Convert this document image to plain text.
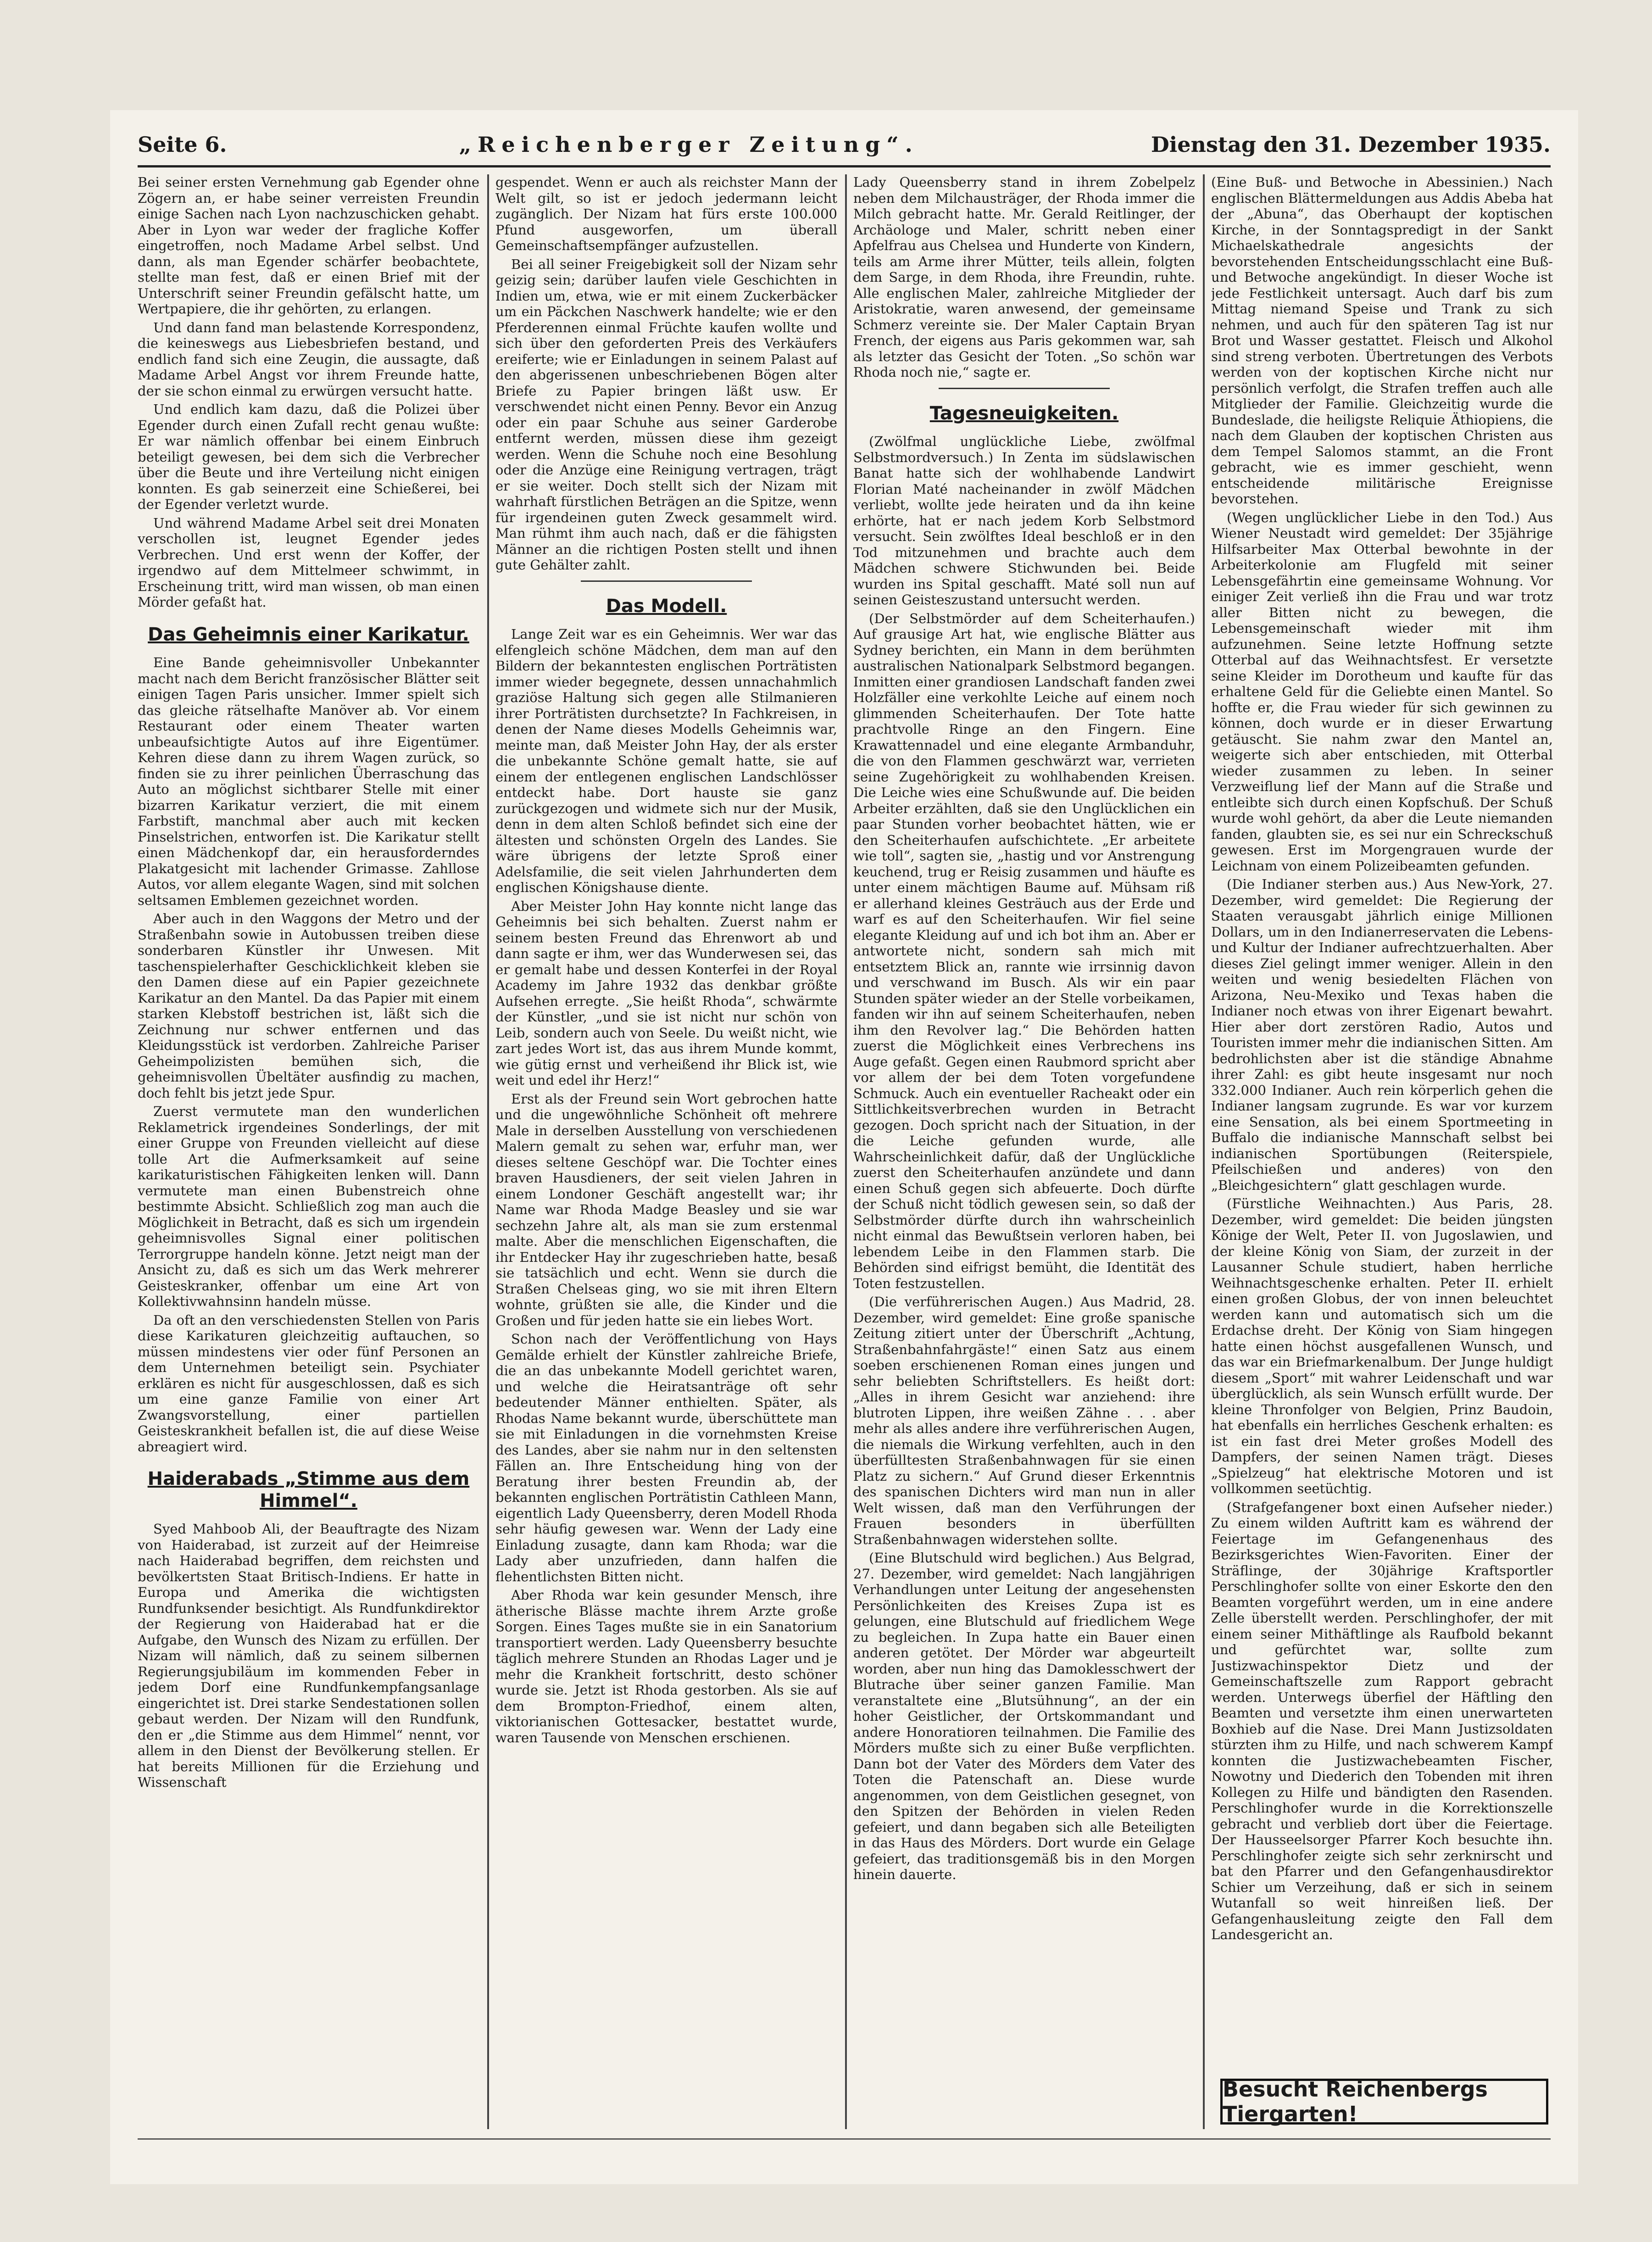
Seite 6.	„Reichenberger Zeitung“.	Dienstag den 31. Dezember 1935.

Bei seiner ersten Vernehmung gab Egender ohne Zögern an, er habe seiner verreisten Freundin einige Sachen nach Lyon nachzuschicken gehabt. Aber in Lyon war weder der fragliche Koffer eingetroffen, noch Madame Arbel selbst. Und dann, als man Egender schärfer beobachtete, stellte man fest, daß er einen Brief mit der Unterschrift seiner Freundin gefälscht hatte, um Wertpapiere, die ihr gehörten, zu erlangen.

Und dann fand man belastende Korrespondenz, die keineswegs aus Liebesbriefen bestand, und endlich fand sich eine Zeugin, die aussagte, daß Madame Arbel Angst vor ihrem Freunde hatte, der sie schon einmal zu erwürgen versucht hatte.

Und endlich kam dazu, daß die Polizei über Egender durch einen Zufall recht genau wußte: Er war nämlich offenbar bei einem Einbruch beteiligt gewesen, bei dem sich die Verbrecher über die Beute und ihre Verteilung nicht einigen konnten. Es gab seinerzeit eine Schießerei, bei der Egender verletzt wurde.

Und während Madame Arbel seit drei Monaten verschollen ist, leugnet Egender jedes Verbrechen. Und erst wenn der Koffer, der irgendwo auf dem Mittelmeer schwimmt, in Erscheinung tritt, wird man wissen, ob man einen Mörder gefaßt hat.

Das Geheimnis einer Karikatur.

Eine Bande geheimnisvoller Unbekannter macht nach dem Bericht französischer Blätter seit einigen Tagen Paris unsicher. Immer spielt sich das gleiche rätselhafte Manöver ab. Vor einem Restaurant oder einem Theater warten unbeaufsichtigte Autos auf ihre Eigentümer. Kehren diese dann zu ihrem Wagen zurück, so finden sie zu ihrer peinlichen Überraschung das Auto an möglichst sichtbarer Stelle mit einer bizarren Karikatur verziert, die mit einem Farbstift, manchmal aber auch mit kecken Pinselstrichen, entworfen ist. Die Karikatur stellt einen Mädchenkopf dar, ein herausforderndes Plakatgesicht mit lachender Grimasse. Zahllose Autos, vor allem elegante Wagen, sind mit solchen seltsamen Emblemen gezeichnet worden.

Aber auch in den Waggons der Metro und der Straßenbahn sowie in Autobussen treiben diese sonderbaren Künstler ihr Unwesen. Mit taschenspielerhafter Geschicklichkeit kleben sie den Damen diese auf ein Papier gezeichnete Karikatur an den Mantel. Da das Papier mit einem starken Klebstoff bestrichen ist, läßt sich die Zeichnung nur schwer entfernen und das Kleidungsstück ist verdorben. Zahlreiche Pariser Geheimpolizisten bemühen sich, die geheimnisvollen Übeltäter ausfindig zu machen, doch fehlt bis jetzt jede Spur.

Zuerst vermutete man den wunderlichen Reklametrick irgendeines Sonderlings, der mit einer Gruppe von Freunden vielleicht auf diese tolle Art die Aufmerksamkeit auf seine karikaturistischen Fähigkeiten lenken will. Dann vermutete man einen Bubenstreich ohne bestimmte Absicht. Schließlich zog man auch die Möglichkeit in Betracht, daß es sich um irgendein geheimnisvolles Signal einer politischen Terrorgruppe handeln könne. Jetzt neigt man der Ansicht zu, daß es sich um das Werk mehrerer Geisteskranker, offenbar um eine Art von Kollektivwahnsinn handeln müsse.

Da oft an den verschiedensten Stellen von Paris diese Karikaturen gleichzeitig auftauchen, so müssen mindestens vier oder fünf Personen an dem Unternehmen beteiligt sein. Psychiater erklären es nicht für ausgeschlossen, daß es sich um eine ganze Familie von einer Art Zwangsvorstellung, einer partiellen Geisteskrankheit befallen ist, die auf diese Weise abreagiert wird.

Haiderabads „Stimme aus dem Himmel“.

Syed Mahboob Ali, der Beauftragte des Nizam von Haiderabad, ist zurzeit auf der Heimreise nach Haiderabad begriffen, dem reichsten und bevölkertsten Staat Britisch-Indiens. Er hatte in Europa und Amerika die wichtigsten Rundfunksender besichtigt. Als Rundfunkdirektor der Regierung von Haiderabad hat er die Aufgabe, den Wunsch des Nizam zu erfüllen. Der Nizam will nämlich, daß zu seinem silbernen Regierungsjubiläum im kommenden Feber in jedem Dorf eine Rundfunkempfangsanlage eingerichtet ist. Drei starke Sendestationen sollen gebaut werden. Der Nizam will den Rundfunk, den er „die Stimme aus dem Himmel“ nennt, vor allem in den Dienst der Bevölkerung stellen. Er hat bereits Millionen für die Erziehung und Wissenschaft

gespendet. Wenn er auch als reichster Mann der Welt gilt, so ist er jedoch jedermann leicht zugänglich. Der Nizam hat fürs erste 100.000 Pfund ausgeworfen, um überall Gemeinschaftsempfänger aufzustellen.

Bei all seiner Freigebigkeit soll der Nizam sehr geizig sein; darüber laufen viele Geschichten in Indien um, etwa, wie er mit einem Zuckerbäcker um ein Päckchen Naschwerk handelte; wie er den Pferderennen einmal Früchte kaufen wollte und sich über den geforderten Preis des Verkäufers ereiferte; wie er Einladungen in seinem Palast auf den abgerissenen unbeschriebenen Bögen alter Briefe zu Papier bringen läßt usw. Er verschwendet nicht einen Penny. Bevor ein Anzug oder ein paar Schuhe aus seiner Garderobe entfernt werden, müssen diese ihm gezeigt werden. Wenn die Schuhe noch eine Besohlung oder die Anzüge eine Reinigung vertragen, trägt er sie weiter. Doch stellt sich der Nizam mit wahrhaft fürstlichen Beträgen an die Spitze, wenn für irgendeinen guten Zweck gesammelt wird. Man rühmt ihm auch nach, daß er die fähigsten Männer an die richtigen Posten stellt und ihnen gute Gehälter zahlt.

Das Modell.

Lange Zeit war es ein Geheimnis. Wer war das elfengleich schöne Mädchen, dem man auf den Bildern der bekanntesten englischen Porträtisten immer wieder begegnete, dessen unnachahmlich graziöse Haltung sich gegen alle Stilmanieren ihrer Porträtisten durchsetzte? In Fachkreisen, in denen der Name dieses Modells Geheimnis war, meinte man, daß Meister John Hay, der als erster die unbekannte Schöne gemalt hatte, sie auf einem der entlegenen englischen Landschlösser entdeckt habe. Dort hauste sie ganz zurückgezogen und widmete sich nur der Musik, denn in dem alten Schloß befindet sich eine der ältesten und schönsten Orgeln des Landes. Sie wäre übrigens der letzte Sproß einer Adelsfamilie, die seit vielen Jahrhunderten dem englischen Königshause diente.

Aber Meister John Hay konnte nicht lange das Geheimnis bei sich behalten. Zuerst nahm er seinem besten Freund das Ehrenwort ab und dann sagte er ihm, wer das Wunderwesen sei, das er gemalt habe und dessen Konterfei in der Royal Academy im Jahre 1932 das denkbar größte Aufsehen erregte. „Sie heißt Rhoda“, schwärmte der Künstler, „und sie ist nicht nur schön von Leib, sondern auch von Seele. Du weißt nicht, wie zart jedes Wort ist, das aus ihrem Munde kommt, wie gütig ernst und verheißend ihr Blick ist, wie weit und edel ihr Herz!“

Erst als der Freund sein Wort gebrochen hatte und die ungewöhnliche Schönheit oft mehrere Male in derselben Ausstellung von verschiedenen Malern gemalt zu sehen war, erfuhr man, wer dieses seltene Geschöpf war. Die Tochter eines braven Hausdieners, der seit vielen Jahren in einem Londoner Geschäft angestellt war; ihr Name war Rhoda Madge Beasley und sie war sechzehn Jahre alt, als man sie zum erstenmal malte. Aber die menschlichen Eigenschaften, die ihr Entdecker Hay ihr zugeschrieben hatte, besaß sie tatsächlich und echt. Wenn sie durch die Straßen Chelseas ging, wo sie mit ihren Eltern wohnte, grüßten sie alle, die Kinder und die Großen und für jeden hatte sie ein liebes Wort.

Schon nach der Veröffentlichung von Hays Gemälde erhielt der Künstler zahlreiche Briefe, die an das unbekannte Modell gerichtet waren, und welche die Heiratsanträge oft sehr bedeutender Männer enthielten. Später, als Rhodas Name bekannt wurde, überschüttete man sie mit Einladungen in die vornehmsten Kreise des Landes, aber sie nahm nur in den seltensten Fällen an. Ihre Entscheidung hing von der Beratung ihrer besten Freundin ab, der bekannten englischen Porträtistin Cathleen Mann, eigentlich Lady Queensberry, deren Modell Rhoda sehr häufig gewesen war. Wenn der Lady eine Einladung zusagte, dann kam Rhoda; war die Lady aber unzufrieden, dann halfen die flehentlichsten Bitten nicht.

Aber Rhoda war kein gesunder Mensch, ihre ätherische Blässe machte ihrem Arzte große Sorgen. Eines Tages mußte sie in ein Sanatorium transportiert werden. Lady Queensberry besuchte täglich mehrere Stunden an Rhodas Lager und je mehr die Krankheit fortschritt, desto schöner wurde sie. Jetzt ist Rhoda gestorben. Als sie auf dem Brompton-Friedhof, einem alten, viktorianischen Gottesacker, bestattet wurde, waren Tausende von Menschen erschienen.

Lady Queensberry stand in ihrem Zobelpelz neben dem Milchausträger, der Rhoda immer die Milch gebracht hatte. Mr. Gerald Reitlinger, der Archäologe und Maler, schritt neben einer Apfelfrau aus Chelsea und Hunderte von Kindern, teils am Arme ihrer Mütter, teils allein, folgten dem Sarge, in dem Rhoda, ihre Freundin, ruhte. Alle englischen Maler, zahlreiche Mitglieder der Aristokratie, waren anwesend, der gemeinsame Schmerz vereinte sie. Der Maler Captain Bryan French, der eigens aus Paris gekommen war, sah als letzter das Gesicht der Toten. „So schön war Rhoda noch nie,“ sagte er.

Tagesneuigkeiten.

(Zwölfmal unglückliche Liebe, zwölfmal Selbstmordversuch.) In Zenta im südslawischen Banat hatte sich der wohlhabende Landwirt Florian Maté nacheinander in zwölf Mädchen verliebt, wollte jede heiraten und da ihn keine erhörte, hat er nach jedem Korb Selbstmord versucht. Sein zwölftes Ideal beschloß er in den Tod mitzunehmen und brachte auch dem Mädchen schwere Stichwunden bei. Beide wurden ins Spital geschafft. Maté soll nun auf seinen Geisteszustand untersucht werden.

(Der Selbstmörder auf dem Scheiterhaufen.) Auf grausige Art hat, wie englische Blätter aus Sydney berichten, ein Mann in dem berühmten australischen Nationalpark Selbstmord begangen. Inmitten einer grandiosen Landschaft fanden zwei Holzfäller eine verkohlte Leiche auf einem noch glimmenden Scheiterhaufen. Der Tote hatte prachtvolle Ringe an den Fingern. Eine Krawattennadel und eine elegante Armbanduhr, die von den Flammen geschwärzt war, verrieten seine Zugehörigkeit zu wohlhabenden Kreisen. Die Leiche wies eine Schußwunde auf. Die beiden Arbeiter erzählten, daß sie den Unglücklichen ein paar Stunden vorher beobachtet hätten, wie er den Scheiterhaufen aufschichtete. „Er arbeitete wie toll“, sagten sie, „hastig und vor Anstrengung keuchend, trug er Reisig zusammen und häufte es unter einem mächtigen Baume auf. Mühsam riß er allerhand kleines Gesträuch aus der Erde und warf es auf den Scheiterhaufen. Wir fiel seine elegante Kleidung auf und ich bot ihm an. Aber er antwortete nicht, sondern sah mich mit entsetztem Blick an, rannte wie irrsinnig davon und verschwand im Busch. Als wir ein paar Stunden später wieder an der Stelle vorbeikamen, fanden wir ihn auf seinem Scheiterhaufen, neben ihm den Revolver lag.“ Die Behörden hatten zuerst die Möglichkeit eines Verbrechens ins Auge gefaßt. Gegen einen Raubmord spricht aber vor allem der bei dem Toten vorgefundene Schmuck. Auch ein eventueller Racheakt oder ein Sittlichkeitsverbrechen wurden in Betracht gezogen. Doch spricht nach der Situation, in der die Leiche gefunden wurde, alle Wahrscheinlichkeit dafür, daß der Unglückliche zuerst den Scheiterhaufen anzündete und dann einen Schuß gegen sich abfeuerte. Doch dürfte der Schuß nicht tödlich gewesen sein, so daß der Selbstmörder dürfte durch ihn wahrscheinlich nicht einmal das Bewußtsein verloren haben, bei lebendem Leibe in den Flammen starb. Die Behörden sind eifrigst bemüht, die Identität des Toten festzustellen.

(Die verführerischen Augen.) Aus Madrid, 28. Dezember, wird gemeldet: Eine große spanische Zeitung zitiert unter der Überschrift „Achtung, Straßenbahnfahrgäste!“ einen Satz aus einem soeben erschienenen Roman eines jungen und sehr beliebten Schriftstellers. Es heißt dort: „Alles in ihrem Gesicht war anziehend: ihre blutroten Lippen, ihre weißen Zähne . . . aber mehr als alles andere ihre verführerischen Augen, die niemals die Wirkung verfehlten, auch in den überfülltesten Straßenbahnwagen für sie einen Platz zu sichern.“ Auf Grund dieser Erkenntnis des spanischen Dichters wird man nun in aller Welt wissen, daß man den Verführungen der Frauen besonders in überfüllten Straßenbahnwagen widerstehen sollte.

(Eine Blutschuld wird beglichen.) Aus Belgrad, 27. Dezember, wird gemeldet: Nach langjährigen Verhandlungen unter Leitung der angesehensten Persönlichkeiten des Kreises Zupa ist es gelungen, eine Blutschuld auf friedlichem Wege zu begleichen. In Zupa hatte ein Bauer einen anderen getötet. Der Mörder war abgeurteilt worden, aber nun hing das Damoklesschwert der Blutrache über seiner ganzen Familie. Man veranstaltete eine „Blutsühnung“, an der ein hoher Geistlicher, der Ortskommandant und andere Honoratioren teilnahmen. Die Familie des Mörders mußte sich zu einer Buße verpflichten. Dann bot der Vater des Mörders dem Vater des Toten die Patenschaft an. Diese wurde angenommen, von dem Geistlichen gesegnet, von den Spitzen der Behörden in vielen Reden gefeiert, und dann begaben sich alle Beteiligten in das Haus des Mörders. Dort wurde ein Gelage gefeiert, das traditionsgemäß bis in den Morgen hinein dauerte.

(Eine Buß- und Betwoche in Abessinien.) Nach englischen Blättermeldungen aus Addis Abeba hat der „Abuna“, das Oberhaupt der koptischen Kirche, in der Sonntagspredigt in der Sankt Michaelskathedrale angesichts der bevorstehenden Entscheidungsschlacht eine Buß- und Betwoche angekündigt. In dieser Woche ist jede Festlichkeit untersagt. Auch darf bis zum Mittag niemand Speise und Trank zu sich nehmen, und auch für den späteren Tag ist nur Brot und Wasser gestattet. Fleisch und Alkohol sind streng verboten. Übertretungen des Verbots werden von der koptischen Kirche nicht nur persönlich verfolgt, die Strafen treffen auch alle Mitglieder der Familie. Gleichzeitig wurde die Bundeslade, die heiligste Reliquie Äthiopiens, die nach dem Glauben der koptischen Christen aus dem Tempel Salomos stammt, an die Front gebracht, wie es immer geschieht, wenn entscheidende militärische Ereignisse bevorstehen.

(Wegen unglücklicher Liebe in den Tod.) Aus Wiener Neustadt wird gemeldet: Der 35jährige Hilfsarbeiter Max Otterbal bewohnte in der Arbeiterkolonie am Flugfeld mit seiner Lebensgefährtin eine gemeinsame Wohnung. Vor einiger Zeit verließ ihn die Frau und war trotz aller Bitten nicht zu bewegen, die Lebensgemeinschaft wieder mit ihm aufzunehmen. Seine letzte Hoffnung setzte Otterbal auf das Weihnachtsfest. Er versetzte seine Kleider im Dorotheum und kaufte für das erhaltene Geld für die Geliebte einen Mantel. So hoffte er, die Frau wieder für sich gewinnen zu können, doch wurde er in dieser Erwartung getäuscht. Sie nahm zwar den Mantel an, weigerte sich aber entschieden, mit Otterbal wieder zusammen zu leben. In seiner Verzweiflung lief der Mann auf die Straße und entleibte sich durch einen Kopfschuß. Der Schuß wurde wohl gehört, da aber die Leute niemanden fanden, glaubten sie, es sei nur ein Schreckschuß gewesen. Erst im Morgengrauen wurde der Leichnam von einem Polizeibeamten gefunden.

(Die Indianer sterben aus.) Aus New-York, 27. Dezember, wird gemeldet: Die Regierung der Staaten verausgabt jährlich einige Millionen Dollars, um in den Indianerreservaten die Lebens- und Kultur der Indianer aufrechtzuerhalten. Aber dieses Ziel gelingt immer weniger. Allein in den weiten und wenig besiedelten Flächen von Arizona, Neu-Mexiko und Texas haben die Indianer noch etwas von ihrer Eigenart bewahrt. Hier aber dort zerstören Radio, Autos und Touristen immer mehr die indianischen Sitten. Am bedrohlichsten aber ist die ständige Abnahme ihrer Zahl: es gibt heute insgesamt nur noch 332.000 Indianer. Auch rein körperlich gehen die Indianer langsam zugrunde. Es war vor kurzem eine Sensation, als bei einem Sportmeeting in Buffalo die indianische Mannschaft selbst bei indianischen Sportübungen (Reiterspiele, Pfeilschießen und anderes) von den „Bleichgesichtern“ glatt geschlagen wurde.

(Fürstliche Weihnachten.) Aus Paris, 28. Dezember, wird gemeldet: Die beiden jüngsten Könige der Welt, Peter II. von Jugoslawien, und der kleine König von Siam, der zurzeit in der Lausanner Schule studiert, haben herrliche Weihnachtsgeschenke erhalten. Peter II. erhielt einen großen Globus, der von innen beleuchtet werden kann und automatisch sich um die Erdachse dreht. Der König von Siam hingegen hatte einen höchst ausgefallenen Wunsch, und das war ein Briefmarkenalbum. Der Junge huldigt diesem „Sport“ mit wahrer Leidenschaft und war überglücklich, als sein Wunsch erfüllt wurde. Der kleine Thronfolger von Belgien, Prinz Baudoin, hat ebenfalls ein herrliches Geschenk erhalten: es ist ein fast drei Meter großes Modell des Dampfers, der seinen Namen trägt. Dieses „Spielzeug“ hat elektrische Motoren und ist vollkommen seetüchtig.

(Strafgefangener boxt einen Aufseher nieder.) Zu einem wilden Auftritt kam es während der Feiertage im Gefangenenhaus des Bezirksgerichtes Wien-Favoriten. Einer der Sträflinge, der 30jährige Kraftsportler Perschlinghofer sollte von einer Eskorte den den Beamten vorgeführt werden, um in eine andere Zelle überstellt werden. Perschlinghofer, der mit einem seiner Mithäftlinge als Raufbold bekannt und gefürchtet war, sollte zum Justizwachinspektor Dietz und der Gemeinschaftszelle zum Rapport gebracht werden. Unterwegs überfiel der Häftling den Beamten und versetzte ihm einen unerwarteten Boxhieb auf die Nase. Drei Mann Justizsoldaten stürzten ihm zu Hilfe, und nach schwerem Kampf konnten die Justizwachebeamten Fischer, Nowotny und Diederich den Tobenden mit ihren Kollegen zu Hilfe und bändigten den Rasenden. Perschlinghofer wurde in die Korrektionszelle gebracht und verblieb dort über die Feiertage. Der Hausseelsorger Pfarrer Koch besuchte ihn. Perschlinghofer zeigte sich sehr zerknirscht und bat den Pfarrer und den Gefangenhausdirektor Schier um Verzeihung, daß er sich in seinem Wutanfall so weit hinreißen ließ. Der Gefangenhausleitung zeigte den Fall dem Landesgericht an.

Besucht Reichenbergs Tiergarten!
